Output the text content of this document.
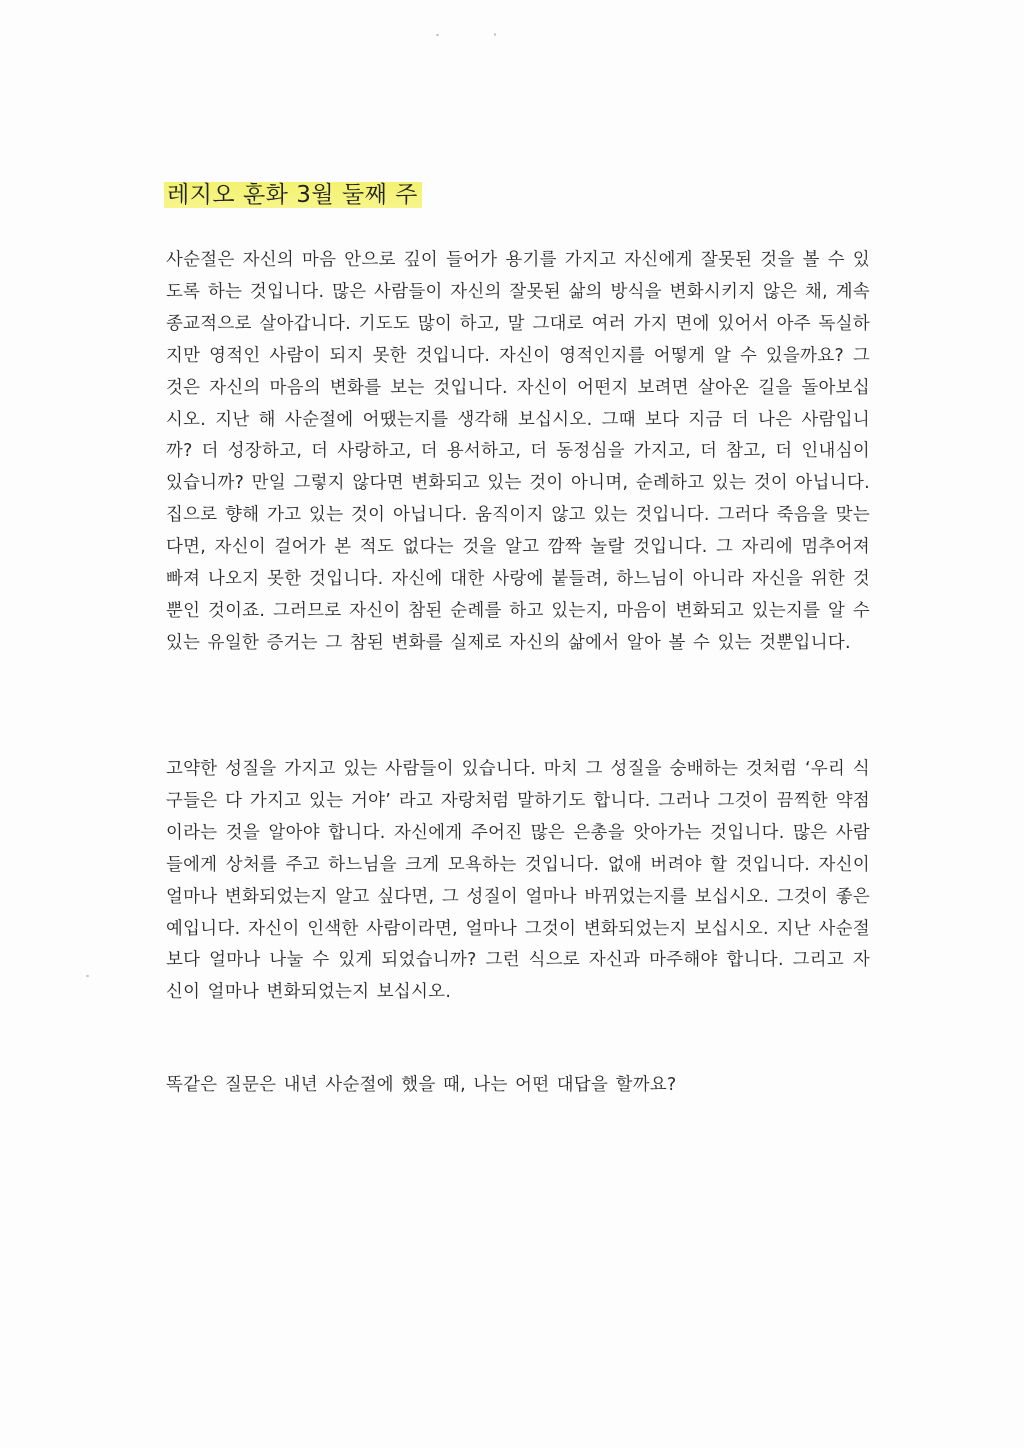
레지오 훈화 3월 둘째 주

사순절은 자신의 마음 안으로 깊이 들어가 용기를 가지고 자신에게 잘못된 것을 볼 수 있도록 하는 것입니다. 많은 사람들이 자신의 잘못된 삶의 방식을 변화시키지 않은 채, 계속 종교적으로 살아갑니다. 기도도 많이 하고, 말 그대로 여러 가지 면에 있어서 아주 독실하지만 영적인 사람이 되지 못한 것입니다. 자신이 영적인지를 어떻게 알 수 있을까요? 그것은 자신의 마음의 변화를 보는 것입니다. 자신이 어떤지 보려면 살아온 길을 돌아보십시오. 지난 해 사순절에 어땠는지를 생각해 보십시오. 그때 보다 지금 더 나은 사람입니까? 더 성장하고, 더 사랑하고, 더 용서하고, 더 동정심을 가지고, 더 참고, 더 인내심이 있습니까? 만일 그렇지 않다면 변화되고 있는 것이 아니며, 순례하고 있는 것이 아닙니다. 집으로 향해 가고 있는 것이 아닙니다. 움직이지 않고 있는 것입니다. 그러다 죽음을 맞는다면, 자신이 걸어가 본 적도 없다는 것을 알고 깜짝 놀랄 것입니다. 그 자리에 멈추어져 빠져 나오지 못한 것입니다. 자신에 대한 사랑에 붙들려, 하느님이 아니라 자신을 위한 것뿐인 것이죠. 그러므로 자신이 참된 순례를 하고 있는지, 마음이 변화되고 있는지를 알 수 있는 유일한 증거는 그 참된 변화를 실제로 자신의 삶에서 알아 볼 수 있는 것뿐입니다.

고약한 성질을 가지고 있는 사람들이 있습니다. 마치 그 성질을 숭배하는 것처럼 ‘우리 식구들은 다 가지고 있는 거야’ 라고 자랑처럼 말하기도 합니다. 그러나 그것이 끔찍한 약점이라는 것을 알아야 합니다. 자신에게 주어진 많은 은총을 앗아가는 것입니다. 많은 사람들에게 상처를 주고 하느님을 크게 모욕하는 것입니다. 없애 버려야 할 것입니다. 자신이 얼마나 변화되었는지 알고 싶다면, 그 성질이 얼마나 바뀌었는지를 보십시오. 그것이 좋은 예입니다. 자신이 인색한 사람이라면, 얼마나 그것이 변화되었는지 보십시오. 지난 사순절보다 얼마나 나눌 수 있게 되었습니까? 그런 식으로 자신과 마주해야 합니다. 그리고 자신이 얼마나 변화되었는지 보십시오.

똑같은 질문은 내년 사순절에 했을 때, 나는 어떤 대답을 할까요?
